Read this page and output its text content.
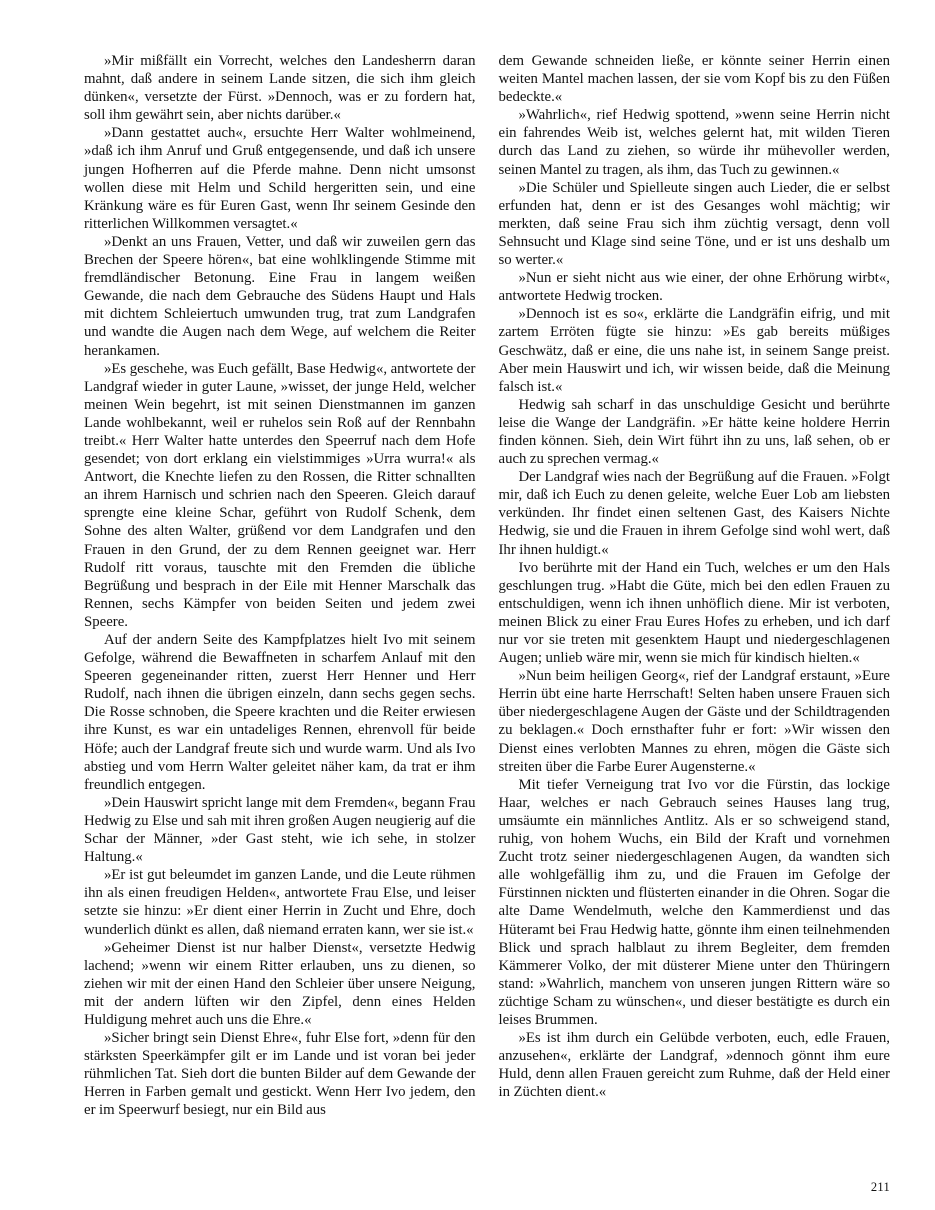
»Mir mißfällt ein Vorrecht, welches den Landesherrn daran mahnt, daß andere in seinem Lande sitzen, die sich ihm gleich dünken«, versetzte der Fürst. »Dennoch, was er zu fordern hat, soll ihm gewährt sein, aber nichts darüber.«

»Dann gestattet auch«, ersuchte Herr Walter wohlmeinend, »daß ich ihm Anruf und Gruß entgegensende, und daß ich unsere jungen Hofherren auf die Pferde mahne. Denn nicht umsonst wollen diese mit Helm und Schild hergeritten sein, und eine Kränkung wäre es für Euren Gast, wenn Ihr seinem Gesinde den ritterlichen Willkommen versagtet.«

»Denkt an uns Frauen, Vetter, und daß wir zuweilen gern das Brechen der Speere hören«, bat eine wohlklingende Stimme mit fremdländischer Betonung. Eine Frau in langem weißen Gewande, die nach dem Gebrauche des Südens Haupt und Hals mit dichtem Schleiertuch umwunden trug, trat zum Landgrafen und wandte die Augen nach dem Wege, auf welchem die Reiter herankamen.

»Es geschehe, was Euch gefällt, Base Hedwig«, antwortete der Landgraf wieder in guter Laune, »wisset, der junge Held, welcher meinen Wein begehrt, ist mit seinen Dienstmannen im ganzen Lande wohlbekannt, weil er ruhelos sein Roß auf der Rennbahn treibt.« Herr Walter hatte unterdes den Speerruf nach dem Hofe gesendet; von dort erklang ein vielstimmiges »Urra wurra!« als Antwort, die Knechte liefen zu den Rossen, die Ritter schnallten an ihrem Harnisch und schrien nach den Speeren. Gleich darauf sprengte eine kleine Schar, geführt von Rudolf Schenk, dem Sohne des alten Walter, grüßend vor dem Landgrafen und den Frauen in den Grund, der zu dem Rennen geeignet war. Herr Rudolf ritt voraus, tauschte mit den Fremden die übliche Begrüßung und besprach in der Eile mit Henner Marschalk das Rennen, sechs Kämpfer von beiden Seiten und jedem zwei Speere.

Auf der andern Seite des Kampfplatzes hielt Ivo mit seinem Gefolge, während die Bewaffneten in scharfem Anlauf mit den Speeren gegeneinander ritten, zuerst Herr Henner und Herr Rudolf, nach ihnen die übrigen einzeln, dann sechs gegen sechs. Die Rosse schnoben, die Speere krachten und die Reiter erwiesen ihre Kunst, es war ein untadeliges Rennen, ehrenvoll für beide Höfe; auch der Landgraf freute sich und wurde warm. Und als Ivo abstieg und vom Herrn Walter geleitet näher kam, da trat er ihm freundlich entgegen.

»Dein Hauswirt spricht lange mit dem Fremden«, begann Frau Hedwig zu Else und sah mit ihren großen Augen neugierig auf die Schar der Männer, »der Gast steht, wie ich sehe, in stolzer Haltung.«

»Er ist gut beleumdet im ganzen Lande, und die Leute rühmen ihn als einen freudigen Helden«, antwortete Frau Else, und leiser setzte sie hinzu: »Er dient einer Herrin in Zucht und Ehre, doch wunderlich dünkt es allen, daß niemand erraten kann, wer sie ist.«

»Geheimer Dienst ist nur halber Dienst«, versetzte Hedwig lachend; »wenn wir einem Ritter erlauben, uns zu dienen, so ziehen wir mit der einen Hand den Schleier über unsere Neigung, mit der andern lüften wir den Zipfel, denn eines Helden Huldigung mehret auch uns die Ehre.«

»Sicher bringt sein Dienst Ehre«, fuhr Else fort, »denn für den stärksten Speerkämpfer gilt er im Lande und ist voran bei jeder rühmlichen Tat. Sieh dort die bunten Bilder auf dem Gewande der Herren in Farben gemalt und gestickt. Wenn Herr Ivo jedem, den er im Speerwurf besiegt, nur ein Bild aus

dem Gewande schneiden ließe, er könnte seiner Herrin einen weiten Mantel machen lassen, der sie vom Kopf bis zu den Füßen bedeckte.«

»Wahrlich«, rief Hedwig spottend, »wenn seine Herrin nicht ein fahrendes Weib ist, welches gelernt hat, mit wilden Tieren durch das Land zu ziehen, so würde ihr mühevoller werden, seinen Mantel zu tragen, als ihm, das Tuch zu gewinnen.«

»Die Schüler und Spielleute singen auch Lieder, die er selbst erfunden hat, denn er ist des Gesanges wohl mächtig; wir merkten, daß seine Frau sich ihm züchtig versagt, denn voll Sehnsucht und Klage sind seine Töne, und er ist uns deshalb um so werter.«

»Nun er sieht nicht aus wie einer, der ohne Erhörung wirbt«, antwortete Hedwig trocken.

»Dennoch ist es so«, erklärte die Landgräfin eifrig, und mit zartem Erröten fügte sie hinzu: »Es gab bereits müßiges Geschwätz, daß er eine, die uns nahe ist, in seinem Sange preist. Aber mein Hauswirt und ich, wir wissen beide, daß die Meinung falsch ist.«

Hedwig sah scharf in das unschuldige Gesicht und berührte leise die Wange der Landgräfin. »Er hätte keine holdere Herrin finden können. Sieh, dein Wirt führt ihn zu uns, laß sehen, ob er auch zu sprechen vermag.«

Der Landgraf wies nach der Begrüßung auf die Frauen. »Folgt mir, daß ich Euch zu denen geleite, welche Euer Lob am liebsten verkünden. Ihr findet einen seltenen Gast, des Kaisers Nichte Hedwig, sie und die Frauen in ihrem Gefolge sind wohl wert, daß Ihr ihnen huldigt.«

Ivo berührte mit der Hand ein Tuch, welches er um den Hals geschlungen trug. »Habt die Güte, mich bei den edlen Frauen zu entschuldigen, wenn ich ihnen unhöflich diene. Mir ist verboten, meinen Blick zu einer Frau Eures Hofes zu erheben, und ich darf nur vor sie treten mit gesenktem Haupt und niedergeschlagenen Augen; unlieb wäre mir, wenn sie mich für kindisch hielten.«

»Nun beim heiligen Georg«, rief der Landgraf erstaunt, »Eure Herrin übt eine harte Herrschaft! Selten haben unsere Frauen sich über niedergeschlagene Augen der Gäste und der Schildtragenden zu beklagen.« Doch ernsthafter fuhr er fort: »Wir wissen den Dienst eines verlobten Mannes zu ehren, mögen die Gäste sich streiten über die Farbe Eurer Augensterne.«

Mit tiefer Verneigung trat Ivo vor die Fürstin, das lockige Haar, welches er nach Gebrauch seines Hauses lang trug, umsäumte ein männliches Antlitz. Als er so schweigend stand, ruhig, von hohem Wuchs, ein Bild der Kraft und vornehmen Zucht trotz seiner niedergeschlagenen Augen, da wandten sich alle wohlgefällig ihm zu, und die Frauen im Gefolge der Fürstinnen nickten und flüsterten einander in die Ohren. Sogar die alte Dame Wendelmuth, welche den Kammerdienst und das Hüteramt bei Frau Hedwig hatte, gönnte ihm einen teilnehmenden Blick und sprach halblaut zu ihrem Begleiter, dem fremden Kämmerer Volko, der mit düsterer Miene unter den Thüringern stand: »Wahrlich, manchem von unseren jungen Rittern wäre so züchtige Scham zu wünschen«, und dieser bestätigte es durch ein leises Brummen.

»Es ist ihm durch ein Gelübde verboten, euch, edle Frauen, anzusehen«, erklärte der Landgraf, »dennoch gönnt ihm eure Huld, denn allen Frauen gereicht zum Ruhme, daß der Held einer in Züchten dient.«

211
